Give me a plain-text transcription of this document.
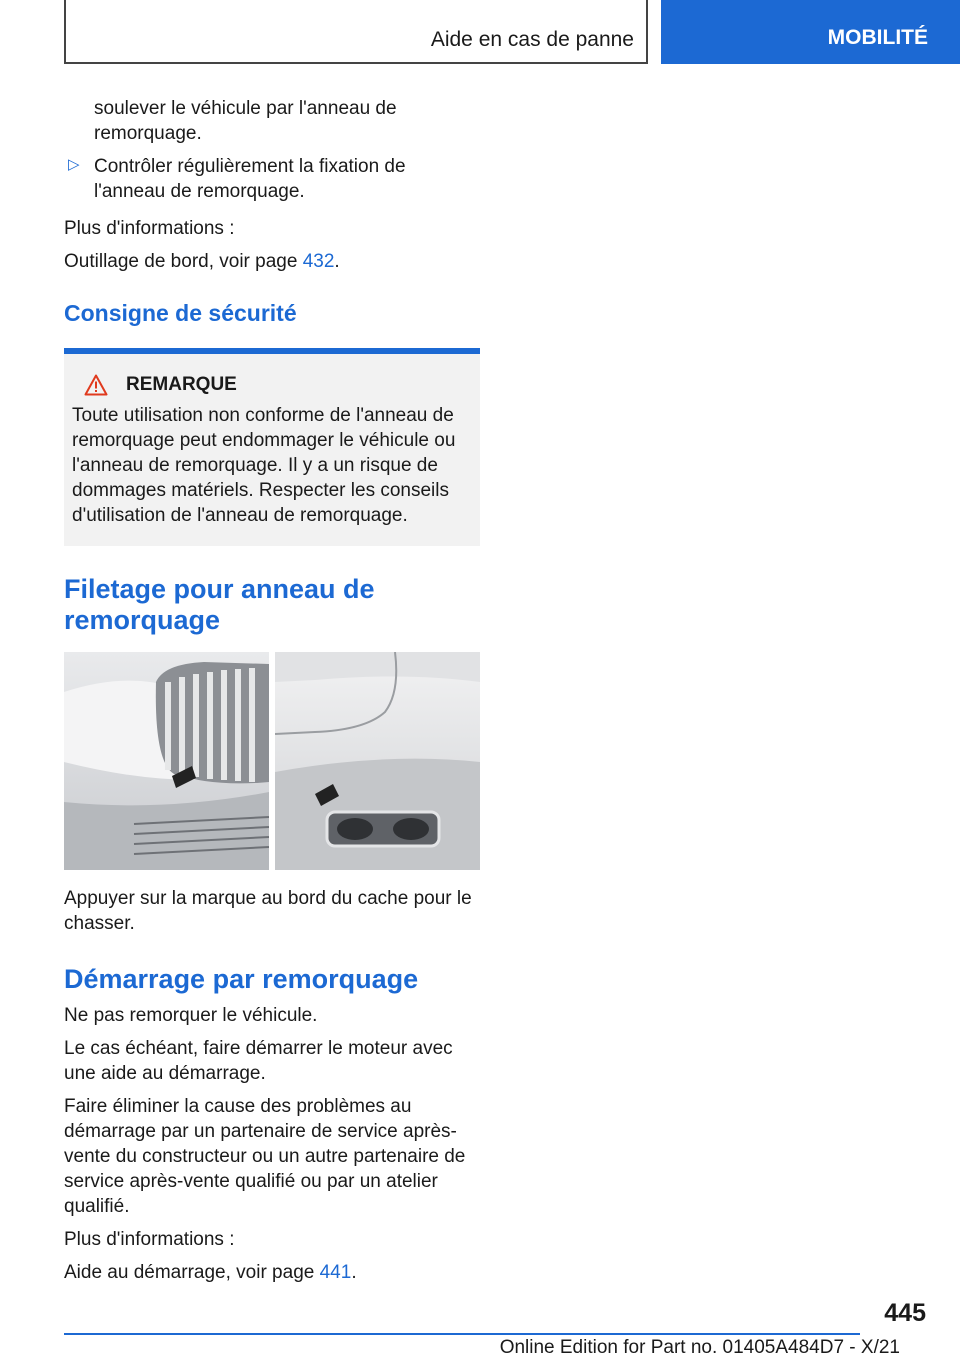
Aide en cas de panne	MOBILITÉ

soulever le véhicule par l'anneau de remorquage.

▷ Contrôler régulièrement la fixation de l'anneau de remorquage.

Plus d'informations :

Outillage de bord, voir page 432.

Consigne de sécurité
REMARQUE

Toute utilisation non conforme de l'anneau de remorquage peut endommager le véhicule ou l'anneau de remorquage. Il y a un risque de dommages matériels. Respecter les conseils d'utilisation de l'anneau de remorquage.

Filetage pour anneau de remorquage

Appuyer sur la marque au bord du cache pour le chasser.

Démarrage par remorquage

Ne pas remorquer le véhicule.

Le cas échéant, faire démarrer le moteur avec une aide au démarrage.

Faire éliminer la cause des problèmes au démarrage par un partenaire de service après-vente du constructeur ou un autre partenaire de service après-vente qualifié ou par un atelier qualifié.

Plus d'informations :

Aide au démarrage, voir page 441.

445
Online Edition for Part no. 01405A484D7 - X/21
